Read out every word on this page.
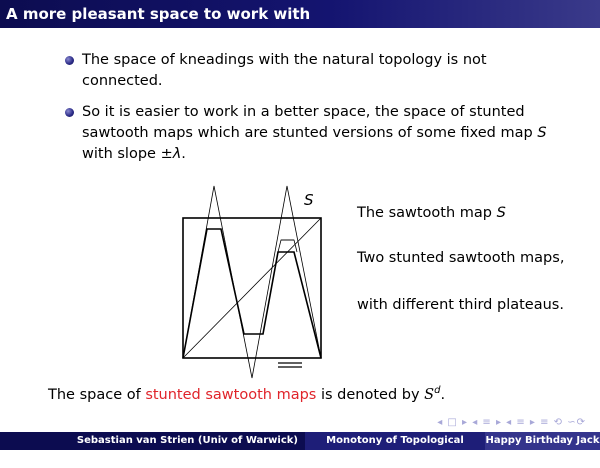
A more pleasant space to work with
The space of kneadings with the natural topology is not connected.
So it is easier to work in a better space, the space of stunted sawtooth maps which are stunted versions of some fixed map S with slope ±λ.
S
The sawtooth map S
Two stunted sawtooth maps,
with different third plateaus.
The space of stunted sawtooth maps is denoted by $S^d$.
◂ □ ▸ ◂ ≡ ▸ ◂ ≡ ▸ ≡ ⟲ ∽⟳
Sebastian van Strien (Univ of Warwick)	Monotony of Topological Entropy
Happy Birthday Jack
